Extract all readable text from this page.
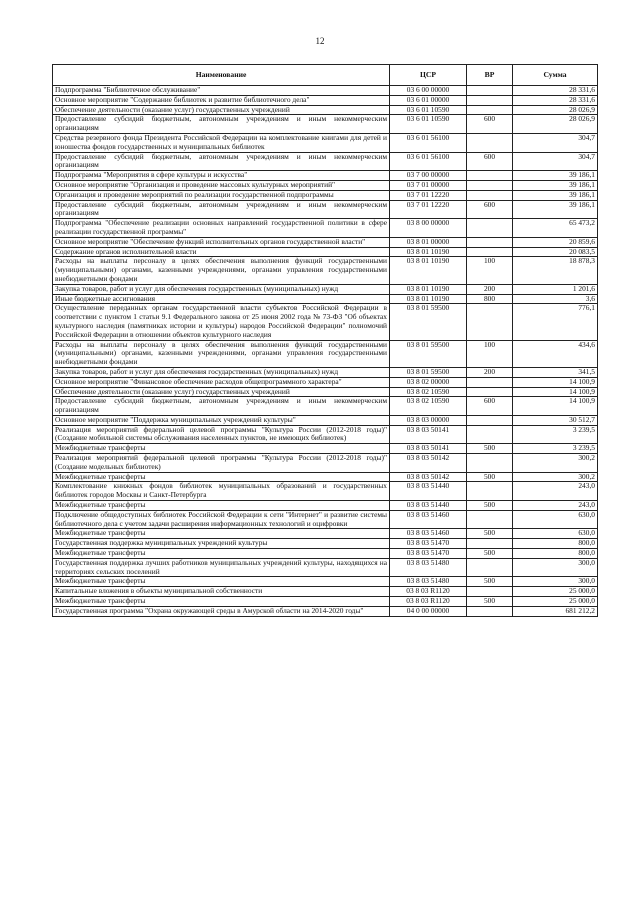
12
Наименование	ЦСР	ВР	Сумма
Подпрограмма "Библиотечное обслуживание"	03 6 00 00000		28 331,6
Основное мероприятие "Содержание библиотек и развитие библиотечного дела"	03 6 01 00000		28 331,6
Обеспечение деятельности (оказание услуг) государственных учреждений	03 6 01 10590		28 026,9
Предоставление субсидий бюджетным, автономным учреждениям и иным некоммерческим организациям	03 6 01 10590	600	28 026,9
Средства резервного фонда Президента Российской Федерации на комплектование книгами для детей и юношества фондов государственных и муниципальных библиотек	03 6 01 56100		304,7
Предоставление субсидий бюджетным, автономным учреждениям и иным некоммерческим организациям	03 6 01 56100	600	304,7
Подпрограмма "Мероприятия в сфере культуры и искусства"	03 7 00 00000		39 186,1
Основное мероприятие "Организация и проведение массовых культурных мероприятий"	03 7 01 00000		39 186,1
Организация и проведение мероприятий по реализации государственной подпрограммы	03 7 01 12220		39 186,1
Предоставление субсидий бюджетным, автономным учреждениям и иным некоммерческим организациям	03 7 01 12220	600	39 186,1
Подпрограмма "Обеспечение реализации основных направлений государственной политики в сфере реализации государственной программы"	03 8 00 00000		65 473,2
Основное мероприятие "Обеспечение функций исполнительных органов государственной власти"	03 8 01 00000		20 859,6
Содержание органов исполнительной власти	03 8 01 10190		20 083,5
Расходы на выплаты персоналу в целях обеспечения выполнения функций государственными (муниципальными) органами, казенными учреждениями, органами управления государственными внебюджетными фондами	03 8 01 10190	100	18 878,3
Закупка товаров, работ и услуг для обеспечения государственных (муниципальных) нужд	03 8 01 10190	200	1 201,6
Иные бюджетные ассигнования	03 8 01 10190	800	3,6
Осуществление переданных органам государственной власти субъектов Российской Федерации в соответствии с пунктом 1 статьи 9.1 Федерального закона от 25 июня 2002 года № 73-ФЗ "Об объектах культурного наследия (памятниках истории и культуры) народов Российской Федерации" полномочий Российской Федерации в отношении объектов культурного наследия	03 8 01 59500		776,1
Расходы на выплаты персоналу в целях обеспечения выполнения функций государственными (муниципальными) органами, казенными учреждениями, органами управления государственными внебюджетными фондами	03 8 01 59500	100	434,6
Закупка товаров, работ и услуг для обеспечения государственных (муниципальных) нужд	03 8 01 59500	200	341,5
Основное мероприятие "Финансовое обеспечение расходов общепрограммного характера"	03 8 02 00000		14 100,9
Обеспечение деятельности (оказание услуг) государственных учреждений	03 8 02 10590		14 100,9
Предоставление субсидий бюджетным, автономным учреждениям и иным некоммерческим организациям	03 8 02 10590	600	14 100,9
Основное мероприятие "Поддержка муниципальных учреждений культуры"	03 8 03 00000		30 512,7
Реализация мероприятий федеральной целевой программы "Культура России (2012-2018 годы)" (Создание мобильной системы обслуживания населенных пунктов, не имеющих библиотек)	03 8 03 50141		3 239,5
Межбюджетные трансферты	03 8 03 50141	500	3 239,5
Реализация мероприятий федеральной целевой программы "Культура России (2012-2018 годы)" (Создание модельных библиотек)	03 8 03 50142		300,2
Межбюджетные трансферты	03 8 03 50142	500	300,2
Комплектование книжных фондов библиотек муниципальных образований и государственных библиотек городов Москвы и Санкт-Петербурга	03 8 03 51440		243,0
Межбюджетные трансферты	03 8 03 51440	500	243,0
Подключение общедоступных библиотек Российской Федерации к сети "Интернет" и развитие системы библиотечного дела с учетом задачи расширения информационных технологий и оцифровки	03 8 03 51460		630,0
Межбюджетные трансферты	03 8 03 51460	500	630,0
Государственная поддержка муниципальных учреждений культуры	03 8 03 51470		800,0
Межбюджетные трансферты	03 8 03 51470	500	800,0
Государственная поддержка лучших работников муниципальных учреждений культуры, находящихся на территориях сельских поселений	03 8 03 51480		300,0
Межбюджетные трансферты	03 8 03 51480	500	300,0
Капитальные вложения в объекты муниципальной собственности	03 8 03 R1120		25 000,0
Межбюджетные трансферты	03 8 03 R1120	500	25 000,0
Государственная программа "Охрана окружающей среды в Амурской области на 2014-2020 годы"	04 0 00 00000		681 212,2
